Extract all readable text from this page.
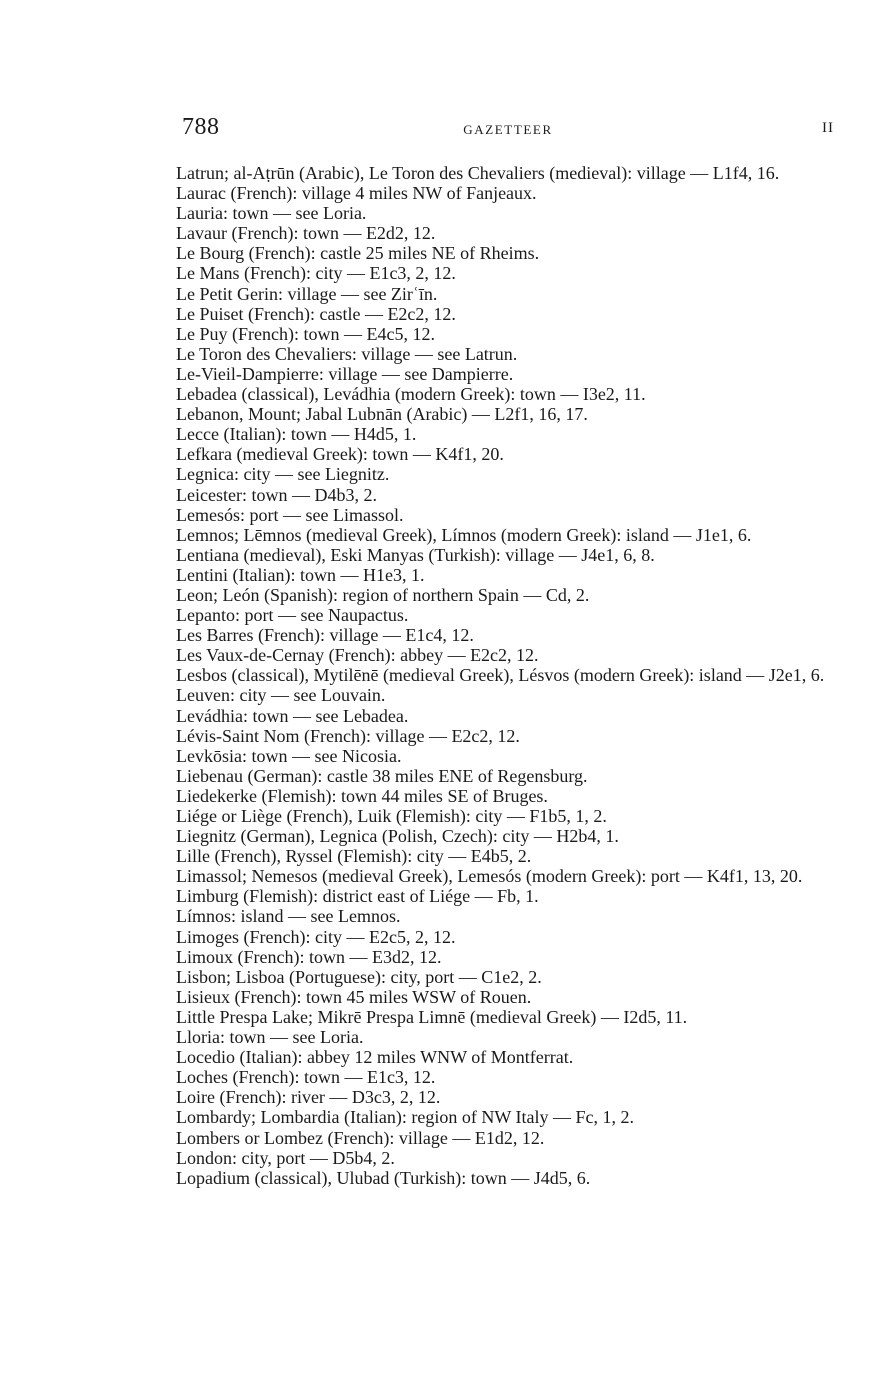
788	GAZETTEER	II
Latrun; al-Aṭrūn (Arabic), Le Toron des Chevaliers (medieval): village — L1f4, 16.
Laurac (French): village 4 miles NW of Fanjeaux.
Lauria: town — see Loria.
Lavaur (French): town — E2d2, 12.
Le Bourg (French): castle 25 miles NE of Rheims.
Le Mans (French): city — E1c3, 2, 12.
Le Petit Gerin: village — see Zirʿīn.
Le Puiset (French): castle — E2c2, 12.
Le Puy (French): town — E4c5, 12.
Le Toron des Chevaliers: village — see Latrun.
Le-Vieil-Dampierre: village — see Dampierre.
Lebadea (classical), Levádhia (modern Greek): town — I3e2, 11.
Lebanon, Mount; Jabal Lubnān (Arabic) — L2f1, 16, 17.
Lecce (Italian): town — H4d5, 1.
Lefkara (medieval Greek): town — K4f1, 20.
Legnica: city — see Liegnitz.
Leicester: town — D4b3, 2.
Lemesós: port — see Limassol.
Lemnos; Lēmnos (medieval Greek), Límnos (modern Greek): island — J1e1, 6.
Lentiana (medieval), Eski Manyas (Turkish): village — J4e1, 6, 8.
Lentini (Italian): town — H1e3, 1.
Leon; León (Spanish): region of northern Spain — Cd, 2.
Lepanto: port — see Naupactus.
Les Barres (French): village — E1c4, 12.
Les Vaux-de-Cernay (French): abbey — E2c2, 12.
Lesbos (classical), Mytilēnē (medieval Greek), Lésvos (modern Greek): island — J2e1, 6.
Leuven: city — see Louvain.
Levádhia: town — see Lebadea.
Lévis-Saint Nom (French): village — E2c2, 12.
Levkōsia: town — see Nicosia.
Liebenau (German): castle 38 miles ENE of Regensburg.
Liedekerke (Flemish): town 44 miles SE of Bruges.
Liége or Liège (French), Luik (Flemish): city — F1b5, 1, 2.
Liegnitz (German), Legnica (Polish, Czech): city — H2b4, 1.
Lille (French), Ryssel (Flemish): city — E4b5, 2.
Limassol; Nemesos (medieval Greek), Lemesós (modern Greek): port — K4f1, 13, 20.
Limburg (Flemish): district east of Liége — Fb, 1.
Límnos: island — see Lemnos.
Limoges (French): city — E2c5, 2, 12.
Limoux (French): town — E3d2, 12.
Lisbon; Lisboa (Portuguese): city, port — C1e2, 2.
Lisieux (French): town 45 miles WSW of Rouen.
Little Prespa Lake; Mikrē Prespa Limnē (medieval Greek) — I2d5, 11.
Lloria: town — see Loria.
Locedio (Italian): abbey 12 miles WNW of Montferrat.
Loches (French): town — E1c3, 12.
Loire (French): river — D3c3, 2, 12.
Lombardy; Lombardia (Italian): region of NW Italy — Fc, 1, 2.
Lombers or Lombez (French): village — E1d2, 12.
London: city, port — D5b4, 2.
Lopadium (classical), Ulubad (Turkish): town — J4d5, 6.
